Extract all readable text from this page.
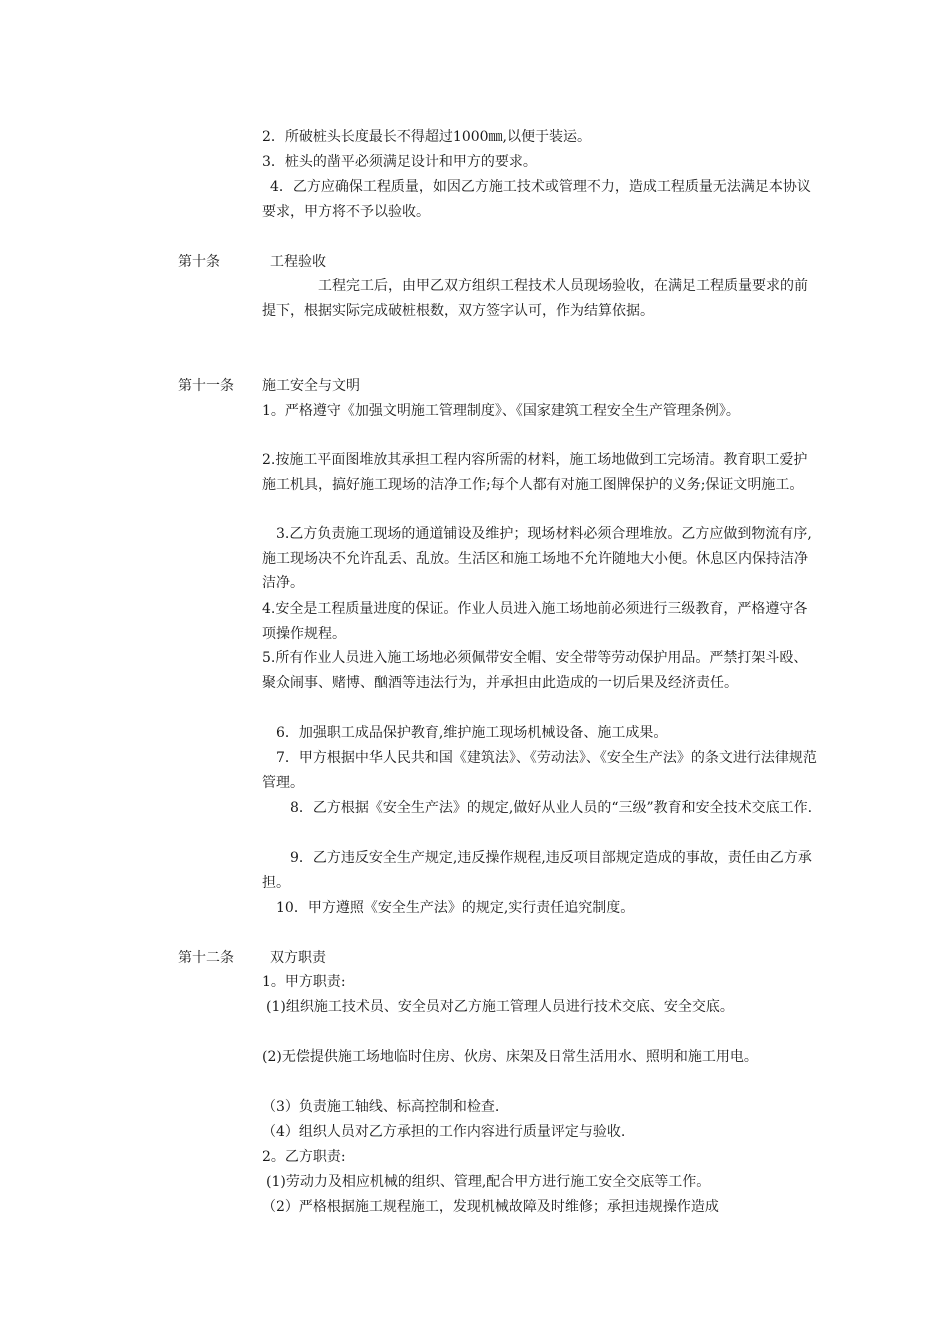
2．所破桩头长度最长不得超过1000㎜,以便于装运。
3．桩头的凿平必须满足设计和甲方的要求。
4．乙方应确保工程质量，如因乙方施工技术或管理不力，造成工程质量无法满足本协议要求，甲方将不予以验收。
第十条	工程验收
工程完工后，由甲乙双方组织工程技术人员现场验收，在满足工程质量要求的前提下，根据实际完成破桩根数，双方签字认可，作为结算依据。
第十一条 施工安全与文明
1。严格遵守《加强文明施工管理制度》、《国家建筑工程安全生产管理条例》。
2.按施工平面图堆放其承担工程内容所需的材料，施工场地做到工完场清。教育职工爱护施工机具，搞好施工现场的洁净工作;每个人都有对施工图牌保护的义务;保证文明施工。
3.乙方负责施工现场的通道铺设及维护；现场材料必须合理堆放。乙方应做到物流有序,施工现场决不允许乱丢、乱放。生活区和施工场地不允许随地大小便。休息区内保持洁净洁净。
4.安全是工程质量进度的保证。作业人员进入施工场地前必须进行三级教育，严格遵守各项操作规程。
5.所有作业人员进入施工场地必须佩带安全帽、安全带等劳动保护用品。严禁打架斗殴、聚众闹事、赌博、酗酒等违法行为，并承担由此造成的一切后果及经济责任。
6．加强职工成品保护教育,维护施工现场机械设备、施工成果。
7．甲方根据中华人民共和国《建筑法》、《劳动法》、《安全生产法》的条文进行法律规范管理。
8．乙方根据《安全生产法》的规定,做好从业人员的“三级”教育和安全技术交底工作.
9．乙方违反安全生产规定,违反操作规程,违反项目部规定造成的事故，责任由乙方承担。
10．甲方遵照《安全生产法》的规定,实行责任追究制度。
第十二条	双方职责
1。甲方职责:
(1)组织施工技术员、安全员对乙方施工管理人员进行技术交底、安全交底。
(2)无偿提供施工场地临时住房、伙房、床架及日常生活用水、照明和施工用电。
（3）负责施工轴线、标高控制和检查.
（4）组织人员对乙方承担的工作内容进行质量评定与验收.
2。乙方职责:
(1)劳动力及相应机械的组织、管理,配合甲方进行施工安全交底等工作。
（2）严格根据施工规程施工，发现机械故障及时维修；承担违规操作造成
